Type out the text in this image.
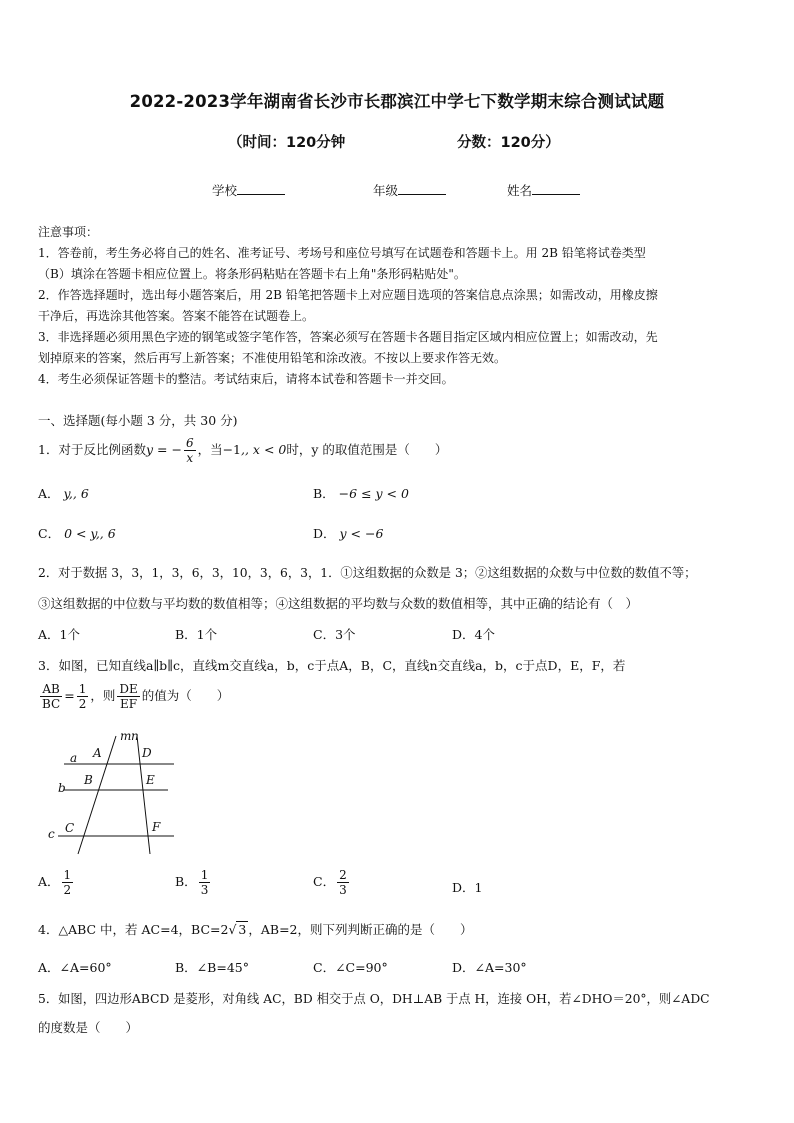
2022-2023学年湖南省长沙市长郡滨江中学七下数学期末综合测试试题
（时间：120分钟	分数：120分）
学校	年级	姓名

注意事项：

1．答卷前，考生务必将自己的姓名、准考证号、考场号和座位号填写在试题卷和答题卡上。用 2B 铅笔将试卷类型

（B）填涂在答题卡相应位置上。将条形码粘贴在答题卡右上角"条形码粘贴处"。

2．作答选择题时，选出每小题答案后，用 2B 铅笔把答题卡上对应题目选项的答案信息点涂黑；如需改动，用橡皮擦

干净后，再选涂其他答案。答案不能答在试题卷上。

3．非选择题必须用黑色字迹的钢笔或签字笔作答，答案必须写在答题卡各题目指定区域内相应位置上；如需改动，先

划掉原来的答案，然后再写上新答案；不准使用铅笔和涂改液。不按以上要求作答无效。

4．考生必须保证答题卡的整洁。考试结束后，请将本试卷和答题卡一并交回。

一、选择题(每小题 3 分，共 30 分)
1．对于反比例函数y = − $\frac{6}{x}$ ，当−1,, x < 0时，y 的取值范围是（　　）
A． y,, 6	B． −6 ≤ y < 0
C． 0 < y,, 6	D． y < −6
2．对于数据 3，3，1，3，6，3，10，3，6，3，1．①这组数据的众数是 3；②这组数据的众数与中位数的数值不等；
③这组数据的中位数与平均数的数值相等；④这组数据的平均数与众数的数值相等，其中正确的结论有（　）
A．1个	B．1个	C．3个	D．4个
3．如图，已知直线a∥b∥c，直线m交直线a，b，c于点A，B，C，直线n交直线a，b，c于点D，E，F，若
$\frac{AB}{BC} = \frac{1}{2}$ ，则 $\frac{DE}{EF}$ 的值为（　　）
m n
a
b
c
A
B
C
D
E
F
A． $\frac{1}{2}$	B． $\frac{1}{3}$	C． $\frac{2}{3}$	D．1
4．△ABC 中，若 AC=4，BC=2√ 3 ，AB=2，则下列判断正确的是（　　）
A．∠A=60°	B．∠B=45°	C．∠C=90°	D．∠A=30°
5．如图，四边形ABCD 是菱形，对角线 AC，BD 相交于点 O，DH⊥AB 于点 H，连接 OH，若∠DHO＝20°，则∠ADC
的度数是（　　）
